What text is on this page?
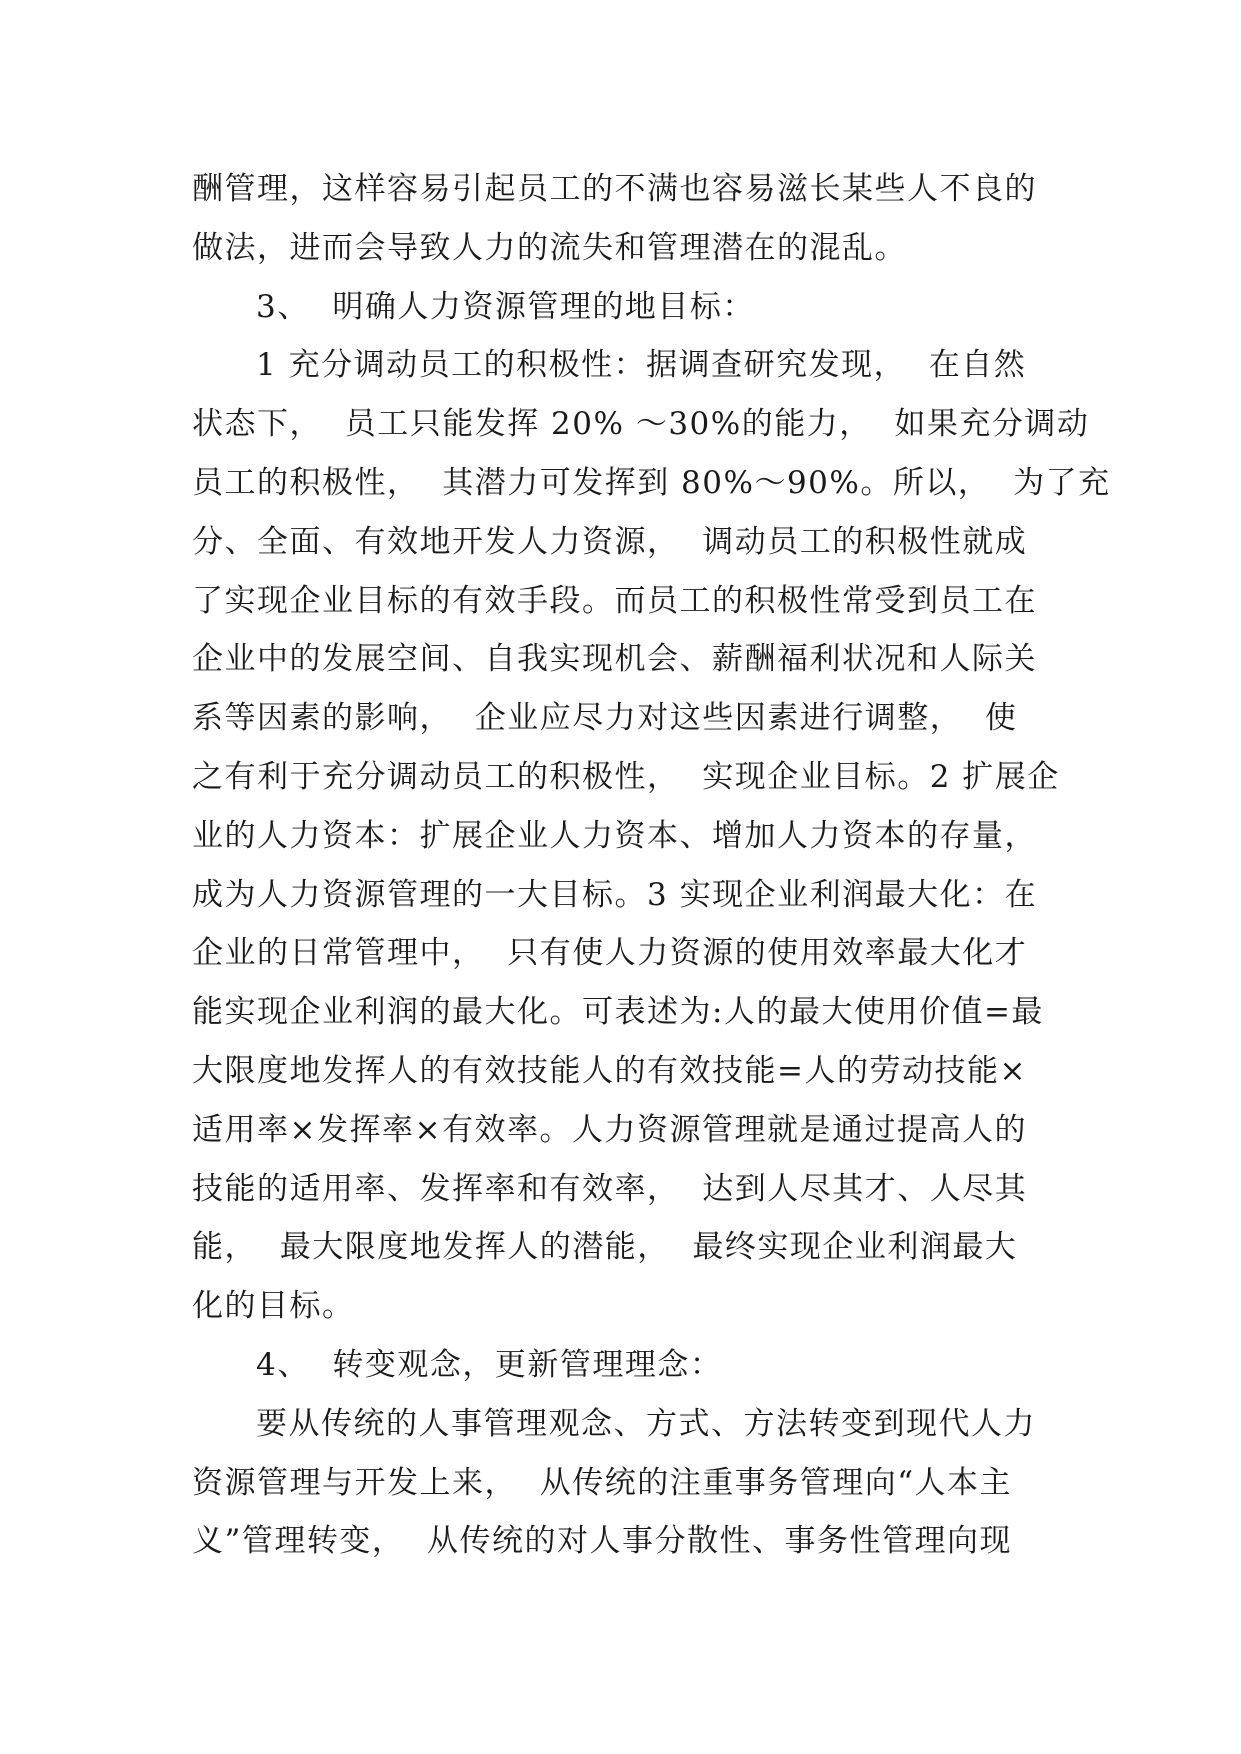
酬管理，这样容易引起员工的不满也容易滋长某些人不良的
做法，进而会导致人力的流失和管理潜在的混乱。
3、  明确人力资源管理的地目标：
1 充分调动员工的积极性：据调查研究发现，  在自然
状态下，  员工只能发挥 20% ～30%的能力，  如果充分调动
员工的积极性，  其潜力可发挥到 80%～90%。所以，  为了充
分、全面、有效地开发人力资源，  调动员工的积极性就成
了实现企业目标的有效手段。而员工的积极性常受到员工在
企业中的发展空间、自我实现机会、薪酬福利状况和人际关
系等因素的影响，  企业应尽力对这些因素进行调整，  使
之有利于充分调动员工的积极性，  实现企业目标。2 扩展企
业的人力资本：扩展企业人力资本、增加人力资本的存量，
成为人力资源管理的一大目标。3 实现企业利润最大化：在
企业的日常管理中，  只有使人力资源的使用效率最大化才
能实现企业利润的最大化。可表述为:人的最大使用价值=最
大限度地发挥人的有效技能人的有效技能=人的劳动技能×
适用率×发挥率×有效率。人力资源管理就是通过提高人的
技能的适用率、发挥率和有效率，  达到人尽其才、人尽其
能，  最大限度地发挥人的潜能，  最终实现企业利润最大
化的目标。
4、  转变观念，更新管理理念：
要从传统的人事管理观念、方式、方法转变到现代人力
资源管理与开发上来，  从传统的注重事务管理向“人本主
义”管理转变，  从传统的对人事分散性、事务性管理向现
